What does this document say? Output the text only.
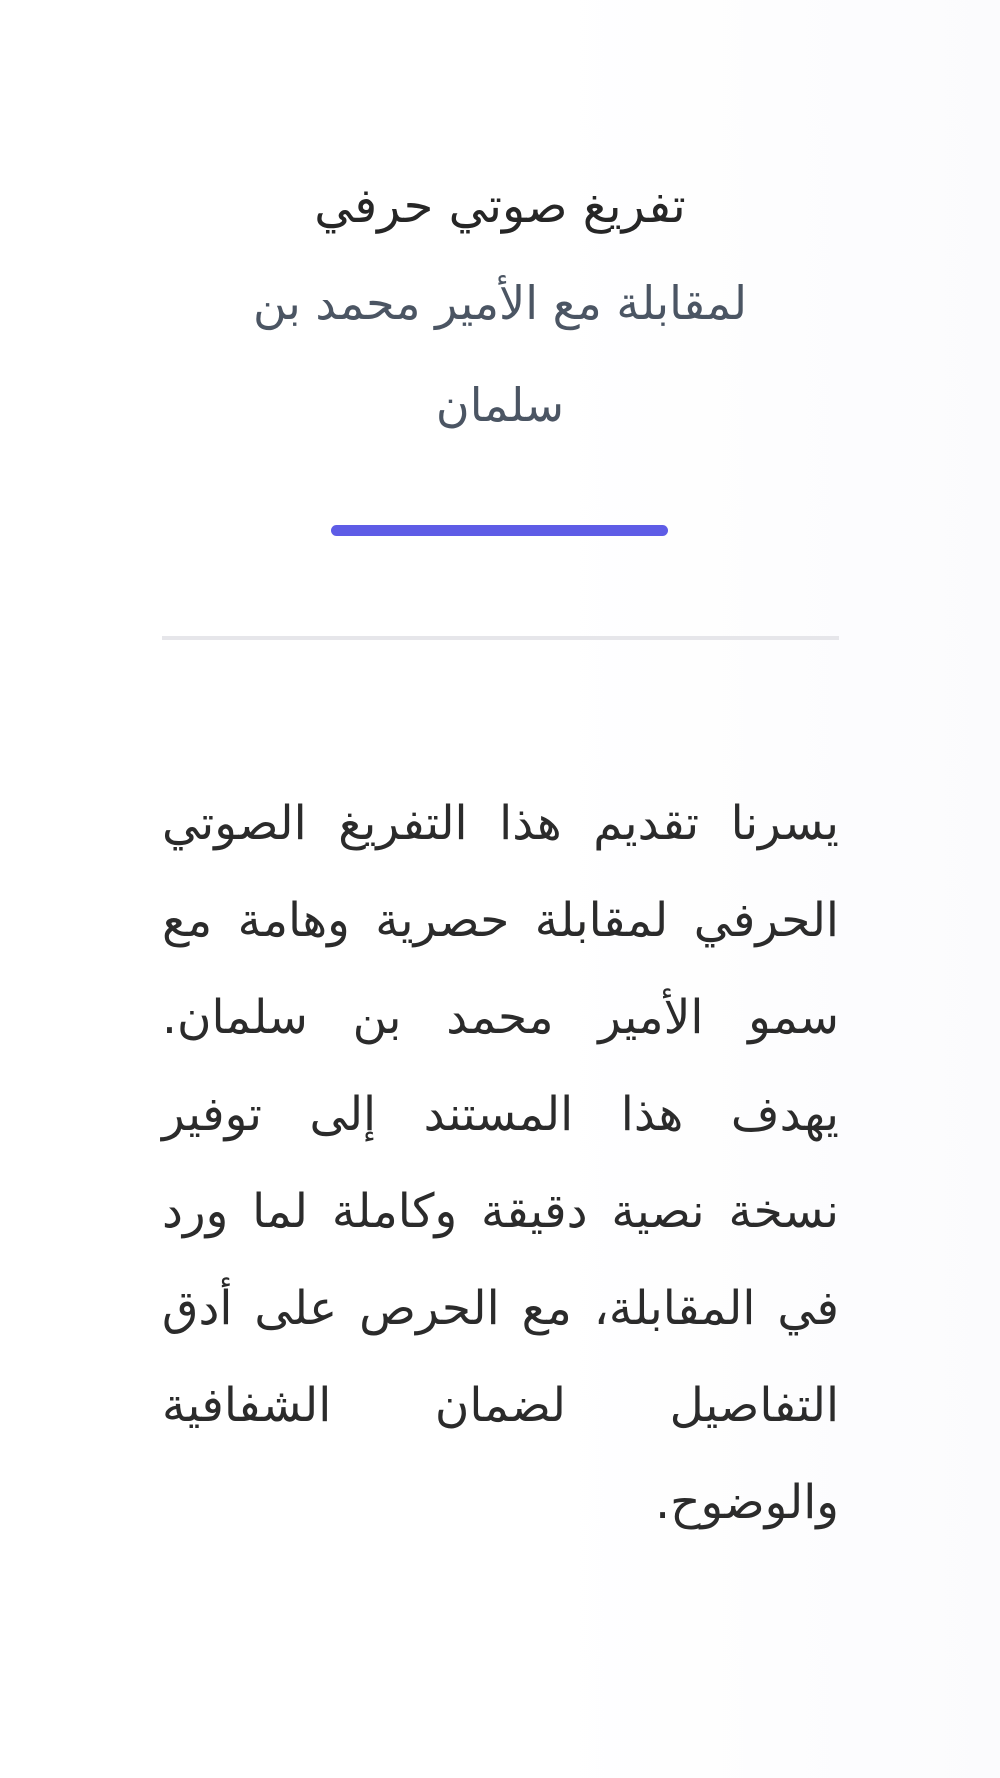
تفريغ صوتي حرفي
لمقابلة مع الأمير محمد بن سلمان

يسرنا تقديم هذا التفريغ الصوتي الحرفي لمقابلة حصرية وهامة مع سمو الأمير محمد بن سلمان. يهدف هذا المستند إلى توفير نسخة نصية دقيقة وكاملة لما ورد في المقابلة، مع الحرص على أدق التفاصيل لضمان الشفافية والوضوح.
